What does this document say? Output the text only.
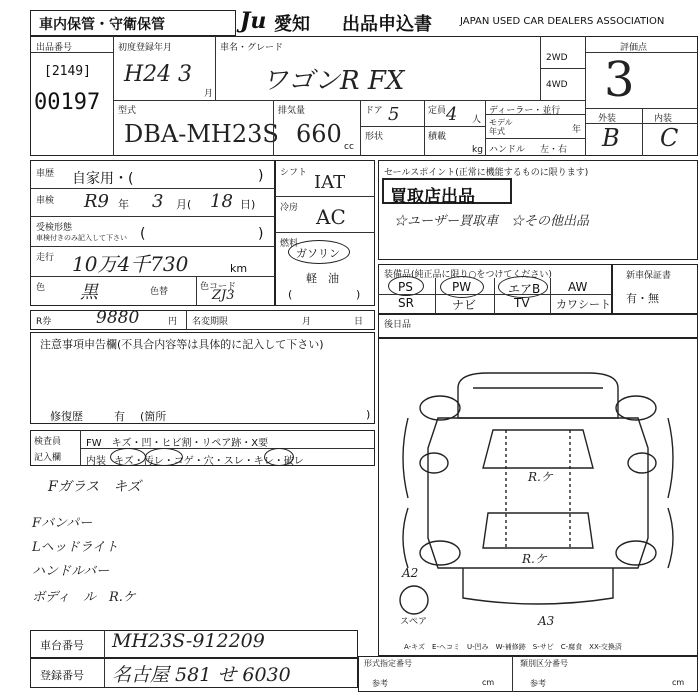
車内保管・守衛保管	Ju 愛知 出品申込書	JAPAN USED CAR DEALERS ASSOCIATION
出品番号
[2149]
00197
初度登録年月
H24 3
月
車名・グレード
ワゴンR FX
2WD
4WD
評価点
3
型式
DBA-MH23S
排気量
660 cc
ドア 5	定員 4 人
形状	積載
kg
ディーラー・並行
モデル
年式	年
ハンドル 左・右
外装	内装
B C
車歴 自家用・(	)
車検 R9 年 3 月( 18 日)
受検形態
車検付きのみ記入して下さい (	)
走行 10万4千730	km
色 黒	色替	色コード
ZJ3
シフト IAT
冷房 AC
燃料
ガソリン
軽　油
(	)
セールスポイント(正常に機能するものに限ります)
買取店出品
☆ユーザー買取車　☆その他出品
装備品(純正品に限り○をつけてください)
PS	PW	エアB AW
SR	ナビ	TV カワシート
新車保証書
有・無
R券	9880	円 名変期限	月	日 後日品
注意事項申告欄(不具合内容等は具体的に記入して下さい)
修復歴	有 (箇所	)
検査員
記入欄
FW　キズ・凹・ヒビ割・リペア跡・X要
内装 キズ・汚レ・コゲ・穴・スレ・キレ・破レ
Fガラス　キズ
Fバンパー
Lヘッドライト
ハンドルバー
ボディ　ル　R.ケ
R.ケ
R.ケ
A2
A3
スペア
A-キズ　E-ヘコミ　U-凹み　W-補修跡　S-サビ　C-腐食　XX-交換済
車台番号 MH23S-912209
登録番号 名古屋 581 せ 6030
形式指定番号	類別区分番号
参考	参考
cm	cm
